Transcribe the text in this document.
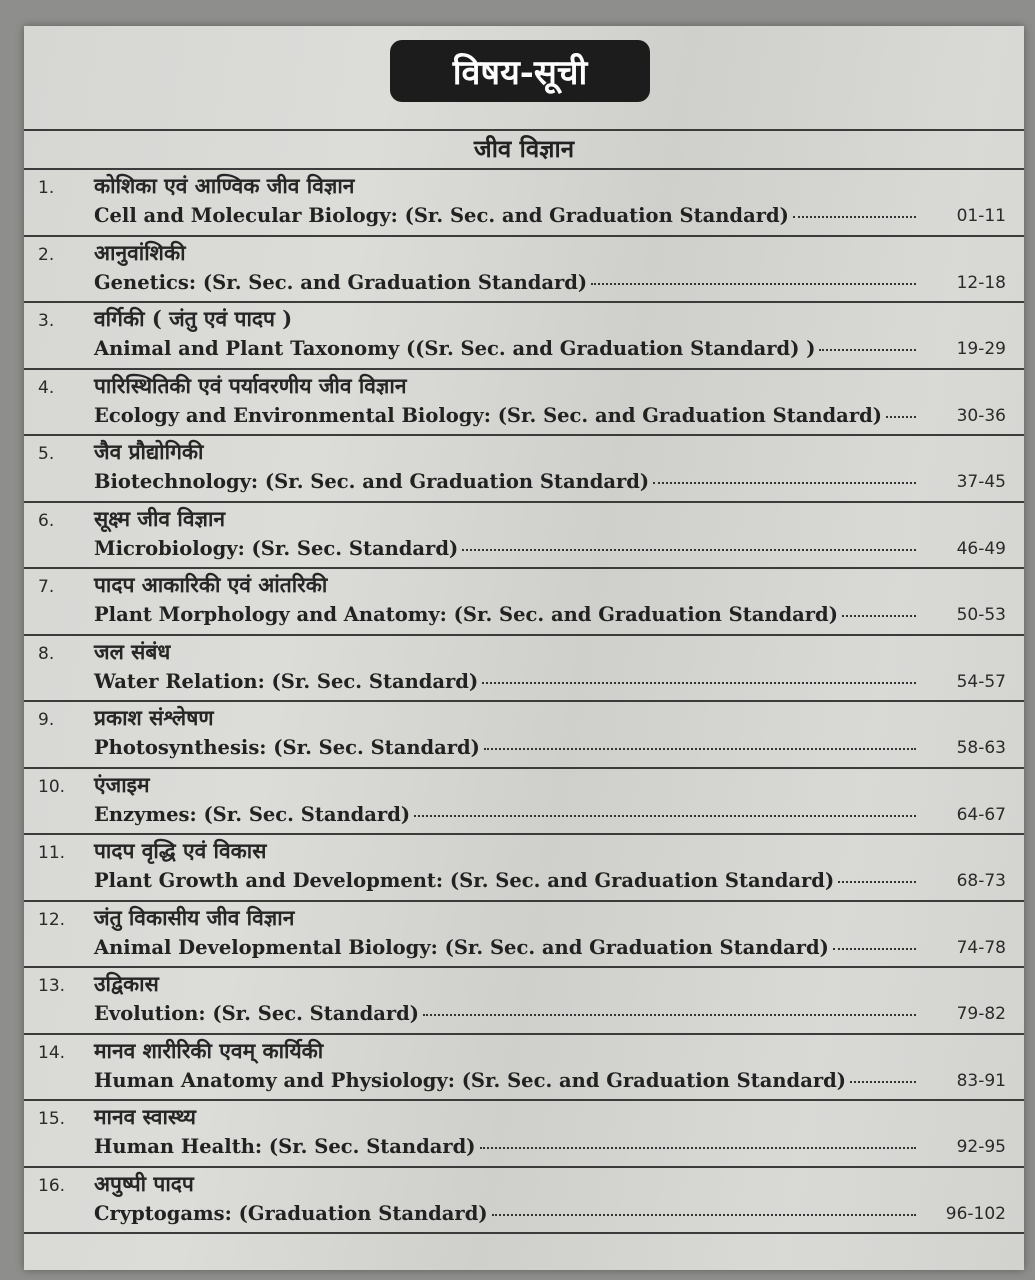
विषय-सूची
जीव विज्ञान
1. कोशिका एवं आण्विक जीव विज्ञान
Cell and Molecular Biology: (Sr. Sec. and Graduation Standard)	01-11
2. आनुवांशिकी
Genetics: (Sr. Sec. and Graduation Standard)	12-18
3. वर्गिकी ( जंतु एवं पादप )
Animal and Plant Taxonomy ((Sr. Sec. and Graduation Standard) )	19-29
4. पारिस्थितिकी एवं पर्यावरणीय जीव विज्ञान
Ecology and Environmental Biology: (Sr. Sec. and Graduation Standard)	30-36
5. जैव प्रौद्योगिकी
Biotechnology: (Sr. Sec. and Graduation Standard)	37-45
6. सूक्ष्म जीव विज्ञान
Microbiology: (Sr. Sec. Standard)	46-49
7. पादप आकारिकी एवं आंतरिकी
Plant Morphology and Anatomy: (Sr. Sec. and Graduation Standard)	50-53
8. जल संबंध
Water Relation: (Sr. Sec. Standard)	54-57
9. प्रकाश संश्लेषण
Photosynthesis: (Sr. Sec. Standard)	58-63
10. एंजाइम
Enzymes: (Sr. Sec. Standard)	64-67
11. पादप वृद्धि एवं विकास
Plant Growth and Development: (Sr. Sec. and Graduation Standard)	68-73
12. जंतु विकासीय जीव विज्ञान
Animal Developmental Biology: (Sr. Sec. and Graduation Standard)	74-78
13. उद्विकास
Evolution: (Sr. Sec. Standard)	79-82
14. मानव शारीरिकी एवम् कार्यिकी
Human Anatomy and Physiology: (Sr. Sec. and Graduation Standard)	83-91
15. मानव स्वास्थ्य
Human Health: (Sr. Sec. Standard)	92-95
16. अपुष्पी पादप
Cryptogams: (Graduation Standard)	96-102
